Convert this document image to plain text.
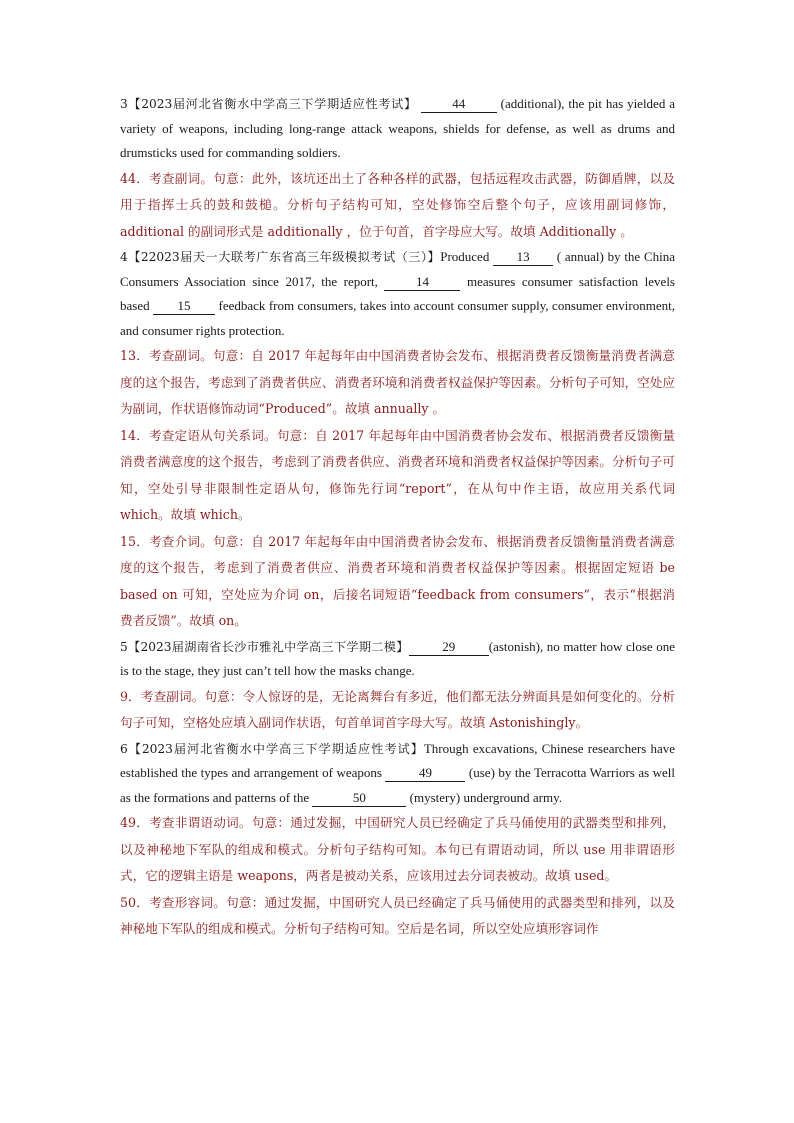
3【2023届河北省衡水中学高三下学期适应性考试】	44 (additional), the pit has yielded a variety of weapons, including long-range attack weapons, shields for defense, as well as drums and drumsticks used for commanding soldiers.

44．考查副词。句意：此外，该坑还出土了各种各样的武器，包括远程攻击武器，防御盾牌，以及用于指挥士兵的鼓和鼓槌。分析句子结构可知，空处修饰空后整个句子，应该用副词修饰，additional 的副词形式是 additionally ，位于句首，首字母应大写。故填 Additionally 。

4【22023届天一大联考广东省高三年级模拟考试（三）】Produced 13 ( annual) by the China Consumers Association since 2017, the report, 14 measures consumer satisfaction levels based 15 feedback from consumers, takes into account consumer supply, consumer environment, and consumer rights protection.

13．考查副词。句意：自 2017 年起每年由中国消费者协会发布、根据消费者反馈衡量消费者满意度的这个报告，考虑到了消费者供应、消费者环境和消费者权益保护等因素。分析句子可知，空处应为副词，作状语修饰动词“Produced”。故填 annually 。

14．考查定语从句关系词。句意：自 2017 年起每年由中国消费者协会发布、根据消费者反馈衡量消费者满意度的这个报告，考虑到了消费者供应、消费者环境和消费者权益保护等因素。分析句子可知，空处引导非限制性定语从句，修饰先行词“report”，在从句中作主语，故应用关系代词 which。故填 which。

15．考查介词。句意：自 2017 年起每年由中国消费者协会发布、根据消费者反馈衡量消费者满意度的这个报告，考虑到了消费者供应、消费者环境和消费者权益保护等因素。根据固定短语 be based on 可知，空处应为介词 on，后接名词短语“feedback from consumers”，表示“根据消费者反馈”。故填 on。

5【2023届湖南省长沙市雅礼中学高三下学期二模】	29	(astonish), no matter how close one is to the stage, they just can’t tell how the masks change.

9．考查副词。句意：令人惊讶的是，无论离舞台有多近，他们都无法分辨面具是如何变化的。分析句子可知，空格处应填入副词作状语，句首单词首字母大写。故填 Astonishingly。

6【2023届河北省衡水中学高三下学期适应性考试】Through excavations, Chinese researchers have established the types and arrangement of weapons	49	(use) by the Terracotta Warriors as well as the formations and patterns of the	50	(mystery) underground army.

49．考查非谓语动词。句意：通过发掘，中国研究人员已经确定了兵马俑使用的武器类型和排列，以及神秘地下军队的组成和模式。分析句子结构可知。本句已有谓语动词，所以 use 用非谓语形式，它的逻辑主语是 weapons，两者是被动关系，应该用过去分词表被动。故填 used。

50．考查形容词。句意：通过发掘，中国研究人员已经确定了兵马俑使用的武器类型和排列，以及神秘地下军队的组成和模式。分析句子结构可知。空后是名词，所以空处应填形容词作
